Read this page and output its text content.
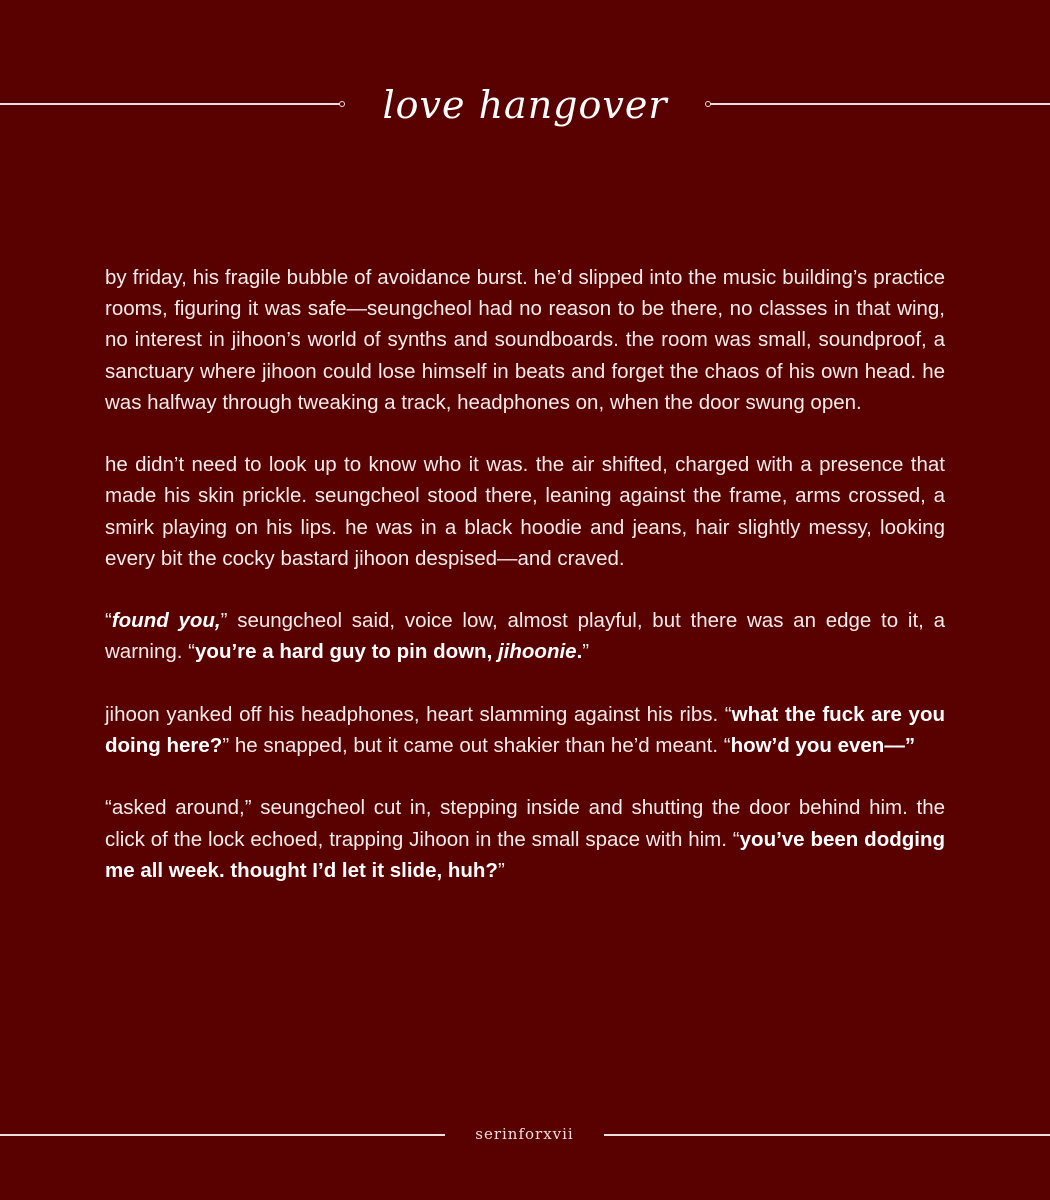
love hangover

by friday, his fragile bubble of avoidance burst. he’d slipped into the music building’s practice rooms, figuring it was safe—seungcheol had no reason to be there, no classes in that wing, no interest in jihoon’s world of synths and soundboards. the room was small, soundproof, a sanctuary where jihoon could lose himself in beats and forget the chaos of his own head. he was halfway through tweaking a track, headphones on, when the door swung open.

he didn’t need to look up to know who it was. the air shifted, charged with a presence that made his skin prickle. seungcheol stood there, leaning against the frame, arms crossed, a smirk playing on his lips. he was in a black hoodie and jeans, hair slightly messy, looking every bit the cocky bastard jihoon despised—and craved.

“found you,” seungcheol said, voice low, almost playful, but there was an edge to it, a warning. “you’re a hard guy to pin down, jihoonie.”

jihoon yanked off his headphones, heart slamming against his ribs. “what the fuck are you doing here?” he snapped, but it came out shakier than he’d meant. “how’d you even—”

“asked around,” seungcheol cut in, stepping inside and shutting the door behind him. the click of the lock echoed, trapping Jihoon in the small space with him. “you’ve been dodging me all week. thought I’d let it slide, huh?”

serinforxvii
